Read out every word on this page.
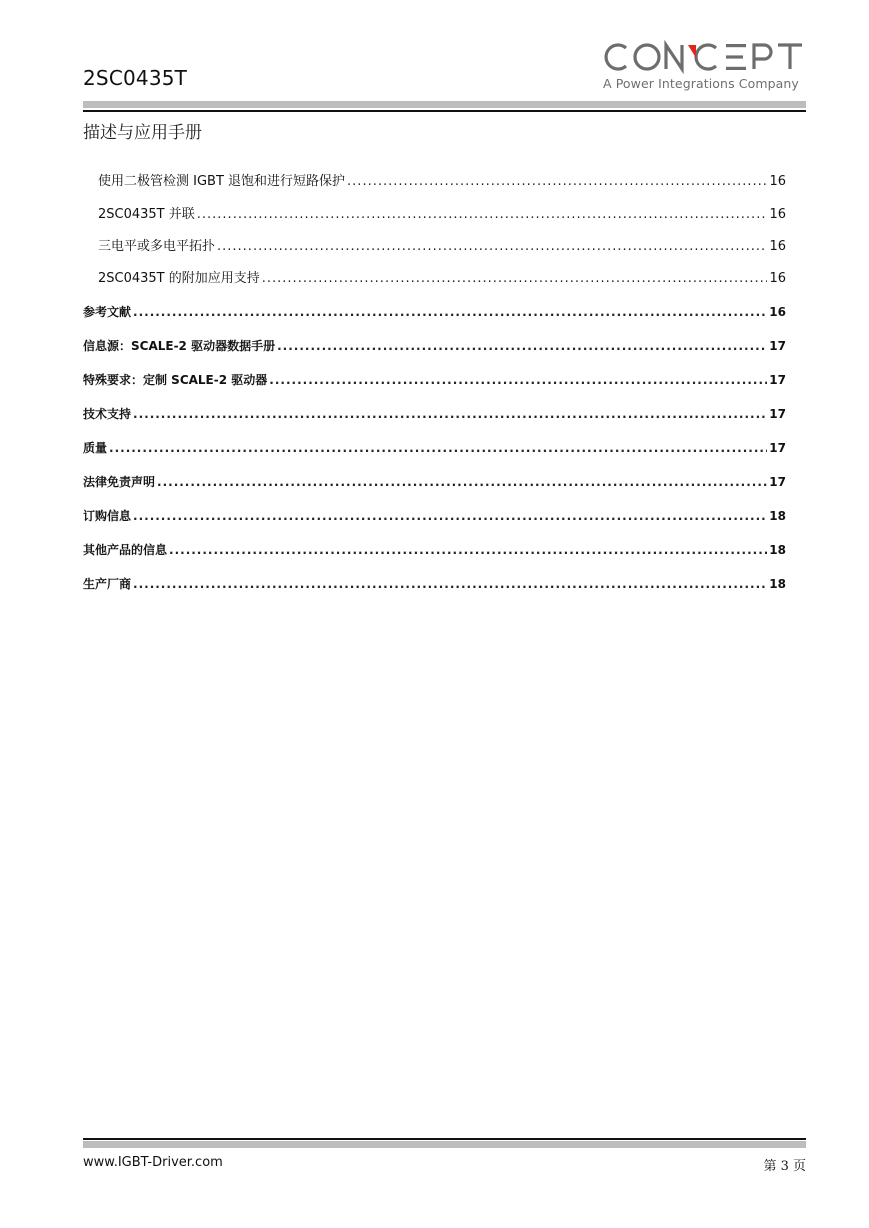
2SC0435T	A Power Integrations Company
描述与应用手册
使用二极管检测 IGBT 退饱和进行短路保护 .....	16
2SC0435T 并联 .....	16
三电平或多电平拓扑 .....	16
2SC0435T 的附加应用支持 .....	16
参考文献 .....	16
信息源：SCALE-2 驱动器数据手册 .....	17
特殊要求：定制 SCALE-2 驱动器 .....	17
技术支持 .....	17
质量 .....	17
法律免责声明 .....	17
订购信息 .....	18
其他产品的信息 .....	18
生产厂商 .....	18
www.IGBT-Driver.com	第 3 页
